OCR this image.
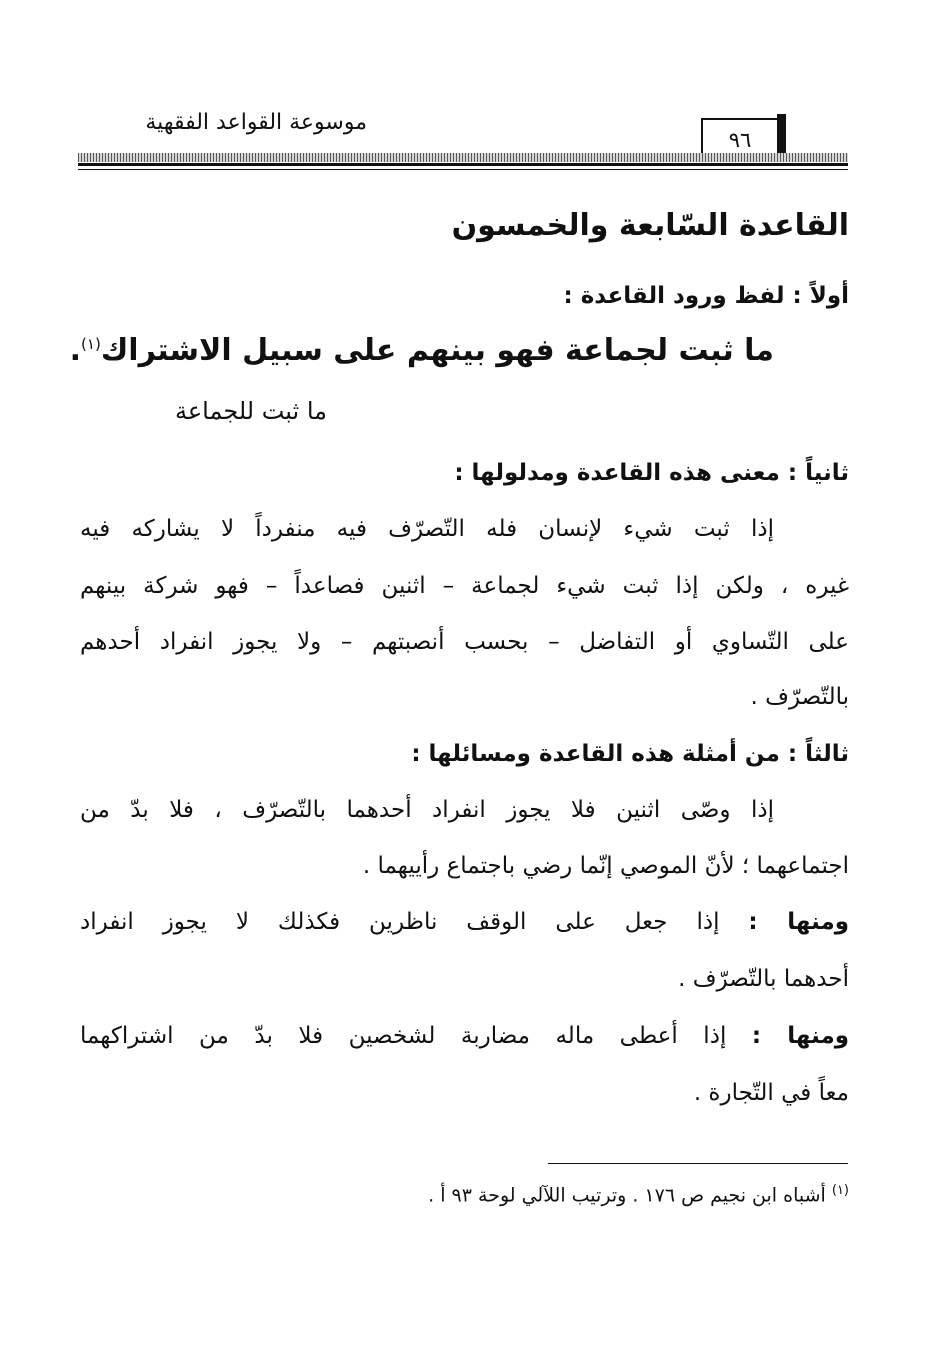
موسوعة القواعد الفقهية
٩٦
القاعدة السّابعة والخمسون
أولاً : لفظ ورود القاعدة :
ما ثبت لجماعة فهو بينهم على سبيل الاشتراك$^{(١)}$.
ما ثبت للجماعة
ثانياً : معنى هذه القاعدة ومدلولها :
إذا ثبت شيء لإنسان فله التّصرّف فيه منفرداً لا يشاركه فيه
غيره ، ولكن إذا ثبت شيء لجماعة – اثنين فصاعداً – فهو شركة بينهم
على التّساوي أو التفاضل – بحسب أنصبتهم – ولا يجوز انفراد أحدهم
بالتّصرّف .
ثالثاً : من أمثلة هذه القاعدة ومسائلها :
إذا وصّى اثنين فلا يجوز انفراد أحدهما بالتّصرّف ، فلا بدّ من
اجتماعهما ؛ لأنّ الموصي إنّما رضي باجتماع رأييهما .
ومنها : إذا جعل على الوقف ناظرين فكذلك لا يجوز انفراد
أحدهما بالتّصرّف .
ومنها : إذا أعطى ماله مضاربة لشخصين فلا بدّ من اشتراكهما
معاً في التّجارة .
$^{(١)}$ أشباه ابن نجيم ص ١٧٦ . وترتيب اللآلي لوحة ٩٣ أ .
